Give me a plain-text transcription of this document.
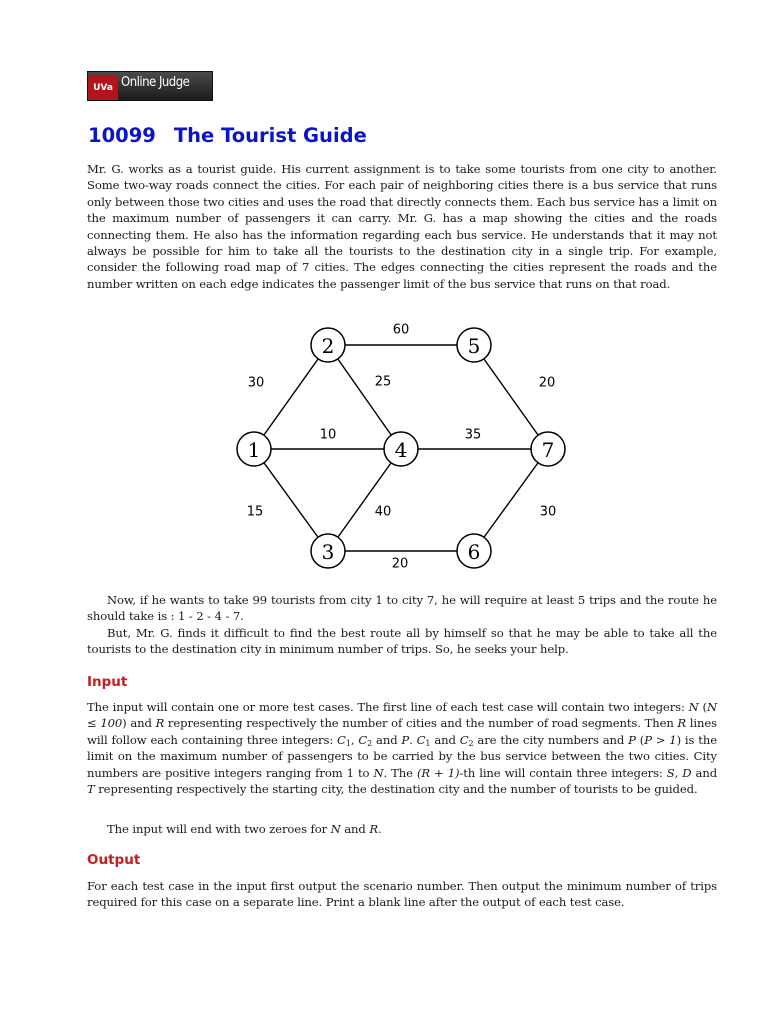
UVa Online Judge
10099 The Tourist Guide

Mr. G. works as a tourist guide. His current assignment is to take some tourists from one city to another. Some two-way roads connect the cities. For each pair of neighboring cities there is a bus service that runs only between those two cities and uses the road that directly connects them. Each bus service has a limit on the maximum number of passengers it can carry. Mr. G. has a map showing the cities and the roads connecting them. He also has the information regarding each bus service. He understands that it may not always be possible for him to take all the tourists to the destination city in a single trip. For example, consider the following road map of 7 cities. The edges connecting the cities represent the roads and the number written on each edge indicates the passenger limit of the bus service that runs on that road.

30
60
25	20
10	35
15	40	30
20
1
2
3
4
5
6
7

Now, if he wants to take 99 tourists from city 1 to city 7, he will require at least 5 trips and the route he should take is : 1 - 2 - 4 - 7.

But, Mr. G. finds it difficult to find the best route all by himself so that he may be able to take all the tourists to the destination city in minimum number of trips. So, he seeks your help.

Input

The input will contain one or more test cases. The first line of each test case will contain two integers: N (N ≤ 100) and R representing respectively the number of cities and the number of road segments. Then R lines will follow each containing three integers: $C_1$, $C_2$ and P. $C_1$ and $C_2$ are the city numbers and P (P > 1) is the limit on the maximum number of passengers to be carried by the bus service between the two cities. City numbers are positive integers ranging from 1 to N. The (R + 1)-th line will contain three integers: S, D and T representing respectively the starting city, the destination city and the number of tourists to be guided.

The input will end with two zeroes for N and R.

Output

For each test case in the input first output the scenario number. Then output the minimum number of trips required for this case on a separate line. Print a blank line after the output of each test case.
